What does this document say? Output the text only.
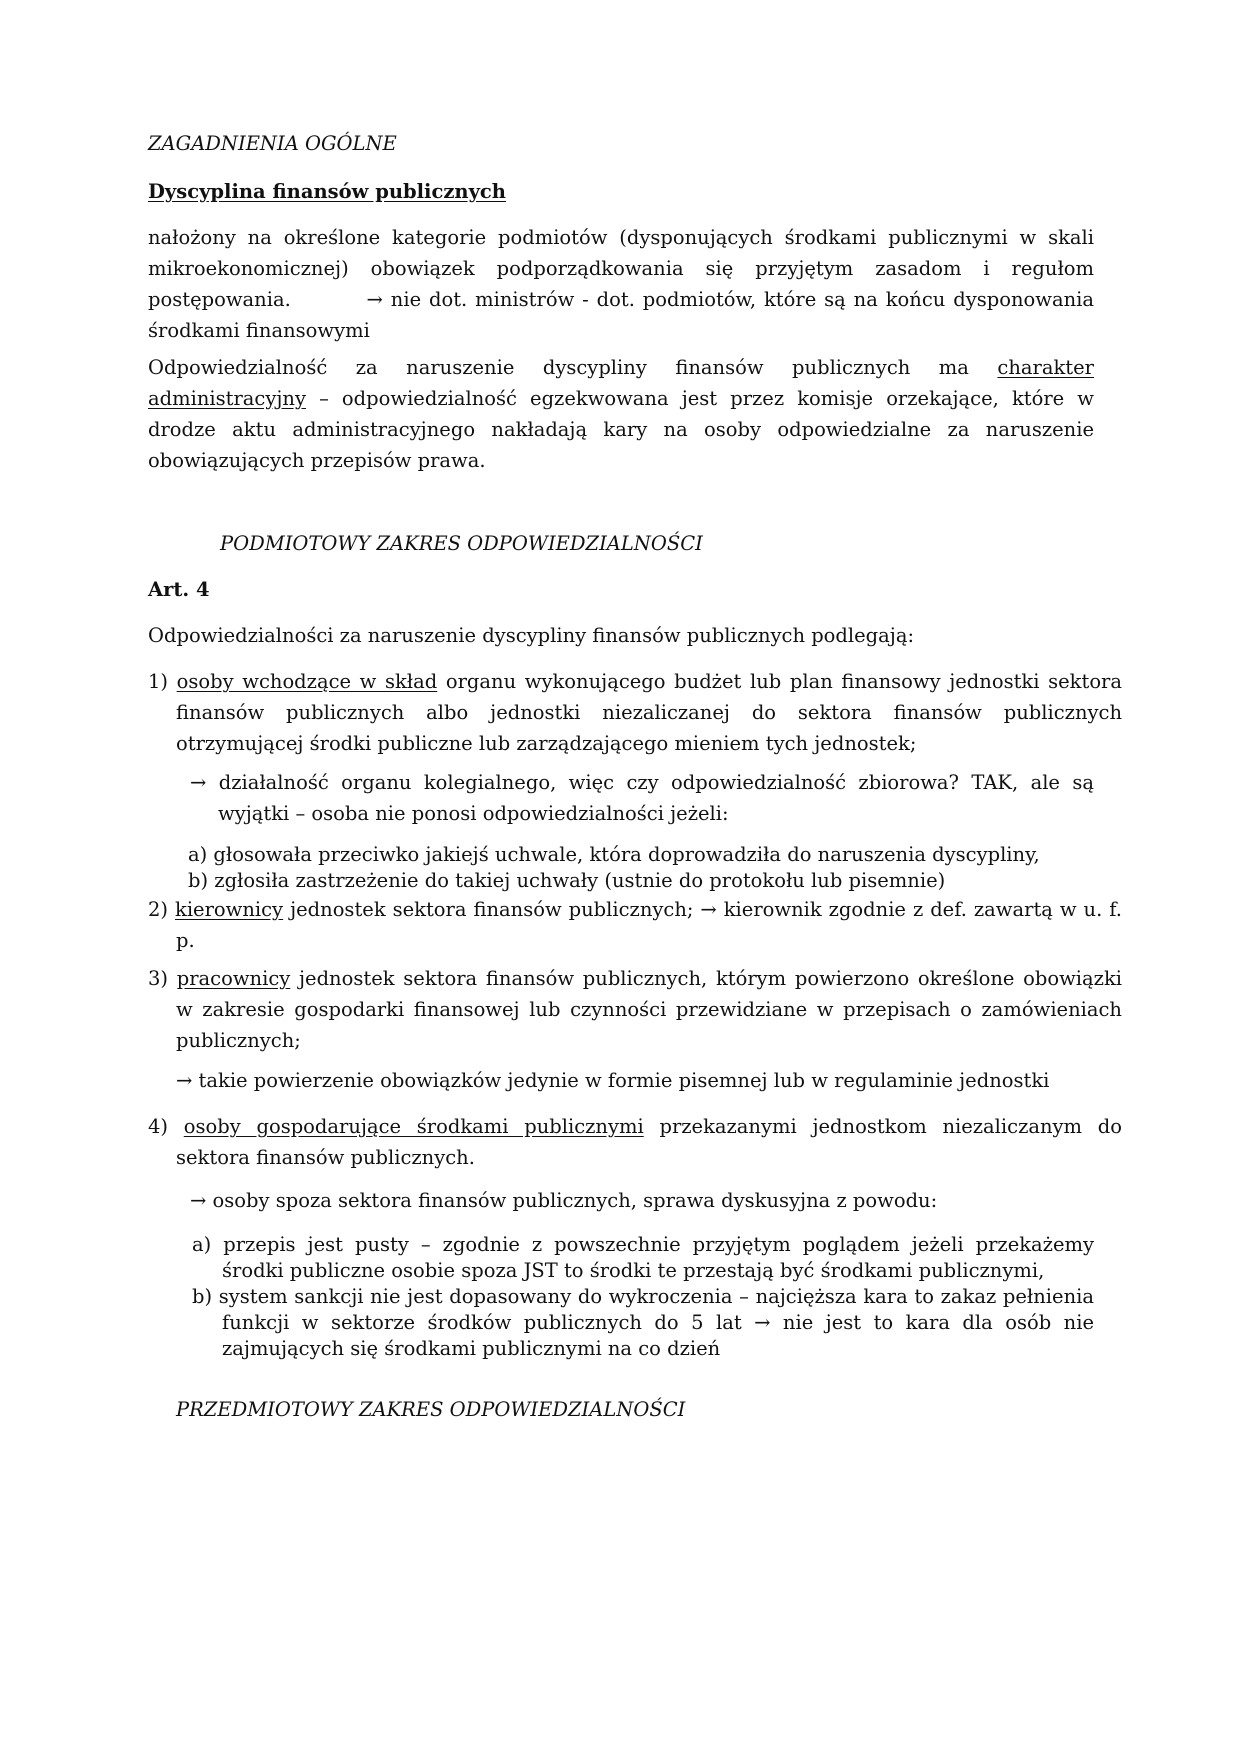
ZAGADNIENIA OGÓLNE

Dyscyplina finansów publicznych

nałożony na określone kategorie podmiotów (dysponujących środkami publicznymi w skali mikroekonomicznej) obowiązek podporządkowania się przyjętym zasadom i regułom postępowania.	→ nie dot. ministrów - dot. podmiotów, które są na końcu dysponowania środkami finansowymi
Odpowiedzialność za naruszenie dyscypliny finansów publicznych ma charakter administracyjny – odpowiedzialność egzekwowana jest przez komisje orzekające, które w drodze aktu administracyjnego nakładają kary na osoby odpowiedzialne za naruszenie obowiązujących przepisów prawa.

PODMIOTOWY ZAKRES ODPOWIEDZIALNOŚCI

Art. 4

Odpowiedzialności za naruszenie dyscypliny finansów publicznych podlegają:

1) osoby wchodzące w skład organu wykonującego budżet lub plan finansowy jednostki sektora finansów publicznych albo jednostki niezaliczanej do sektora finansów publicznych otrzymującej środki publiczne lub zarządzającego mieniem tych jednostek;
→ działalność organu kolegialnego, więc czy odpowiedzialność zbiorowa? TAK, ale są wyjątki – osoba nie ponosi odpowiedzialności jeżeli:

a) głosowała przeciwko jakiejś uchwale, która doprowadziła do naruszenia dyscypliny,

b) zgłosiła zastrzeżenie do takiej uchwały (ustnie do protokołu lub pisemnie)

2) kierownicy jednostek sektora finansów publicznych; → kierownik zgodnie z def. zawartą w u. f. p.
3) pracownicy jednostek sektora finansów publicznych, którym powierzono określone obowiązki w zakresie gospodarki finansowej lub czynności przewidziane w przepisach o zamówieniach publicznych;

→ takie powierzenie obowiązków jedynie w formie pisemnej lub w regulaminie jednostki

4) osoby gospodarujące środkami publicznymi przekazanymi jednostkom niezaliczanym do sektora finansów publicznych.

→ osoby spoza sektora finansów publicznych, sprawa dyskusyjna z powodu:

a) przepis jest pusty – zgodnie z powszechnie przyjętym poglądem jeżeli przekażemy środki publiczne osobie spoza JST to środki te przestają być środkami publicznymi,
b) system sankcji nie jest dopasowany do wykroczenia – najcięższa kara to zakaz pełnienia funkcji w sektorze środków publicznych do 5 lat → nie jest to kara dla osób nie zajmujących się środkami publicznymi na co dzień

PRZEDMIOTOWY ZAKRES ODPOWIEDZIALNOŚCI
